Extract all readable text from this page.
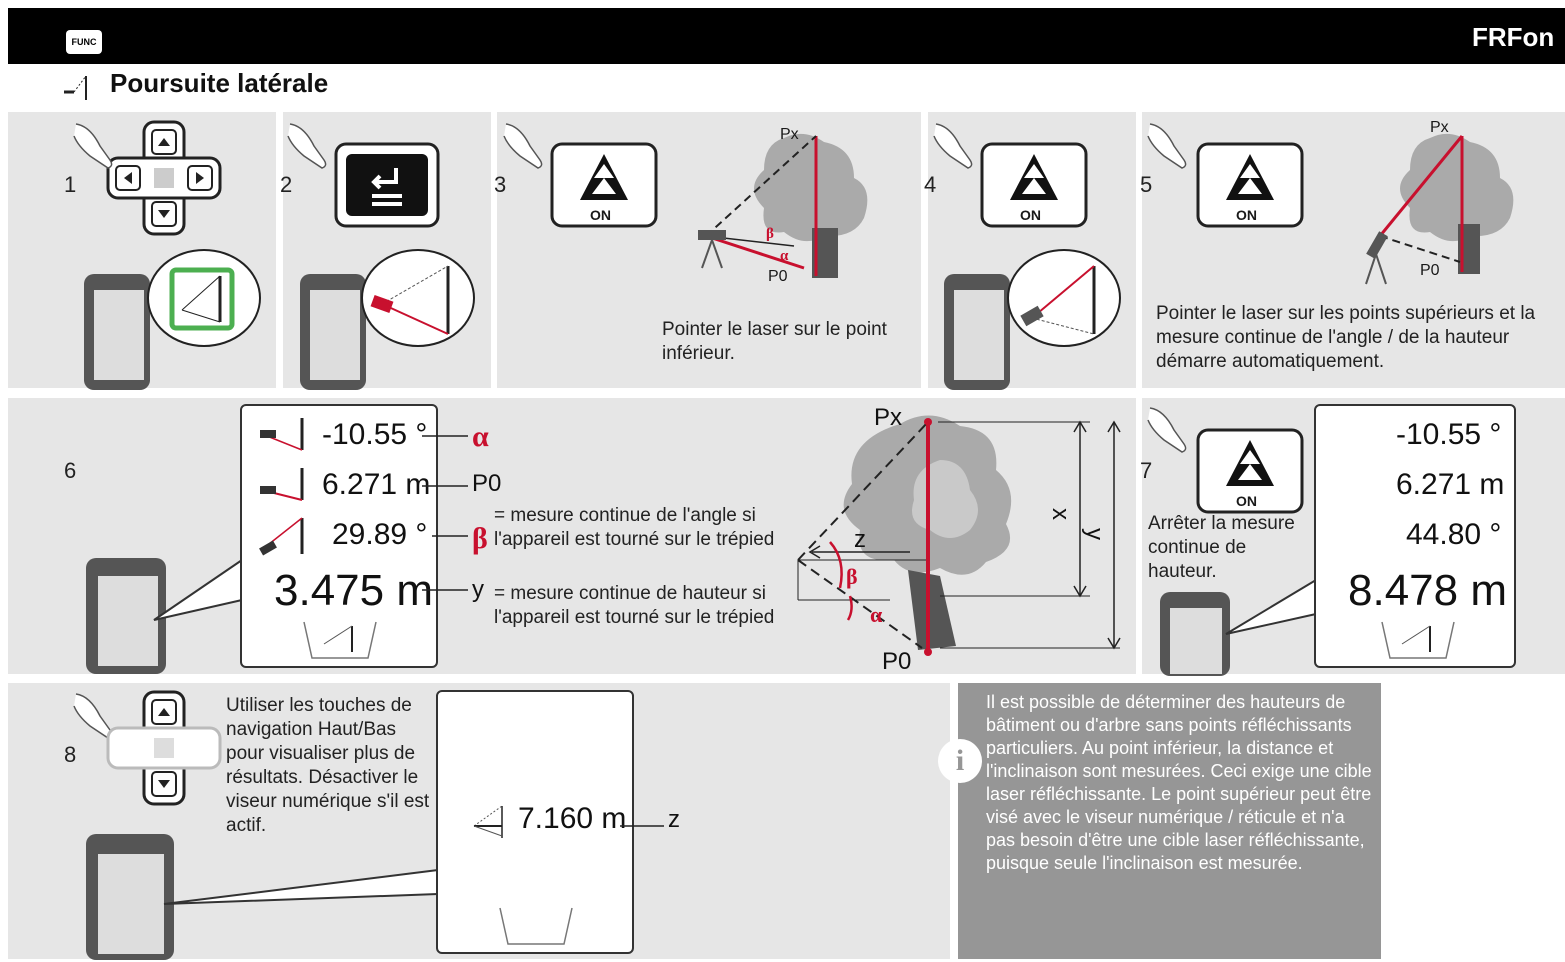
FUNC	FRFon
Poursuite latérale
1	2	3	4	5
6	7
8
ON
Px
P0
β
α
Pointer le laser sur le point inférieur.
ON	ON
Px
P0
Pointer le laser sur les points supérieurs et la mesure continue de l'angle / de la hauteur démarre automatiquement.
-10.55 °
6.271 m
29.89 °
3.475 m
α
P0
β
y
= mesure continue de l'angle si l'appareil est tourné sur le trépied
= mesure continue de hauteur si l'appareil est tourné sur le trépied
Px
P0
z
β
α
x
y
ON
Arrêter la mesure continue de hauteur.
-10.55 °
6.271 m
44.80 °
8.478 m
Utiliser les touches de navigation Haut/Bas pour visualiser plus de résultats. Désactiver le viseur numérique s'il est actif.	7.160 m z
i
Il est possible de déterminer des hauteurs de bâtiment ou d'arbre sans points réfléchissants particuliers. Au point inférieur, la distance et l'inclinaison sont mesurées. Ceci exige une cible laser réfléchissante. Le point supérieur peut être visé avec le viseur numérique / réticule et n'a pas besoin d'être une cible laser réfléchissante, puisque seule l'inclinaison est mesurée.
